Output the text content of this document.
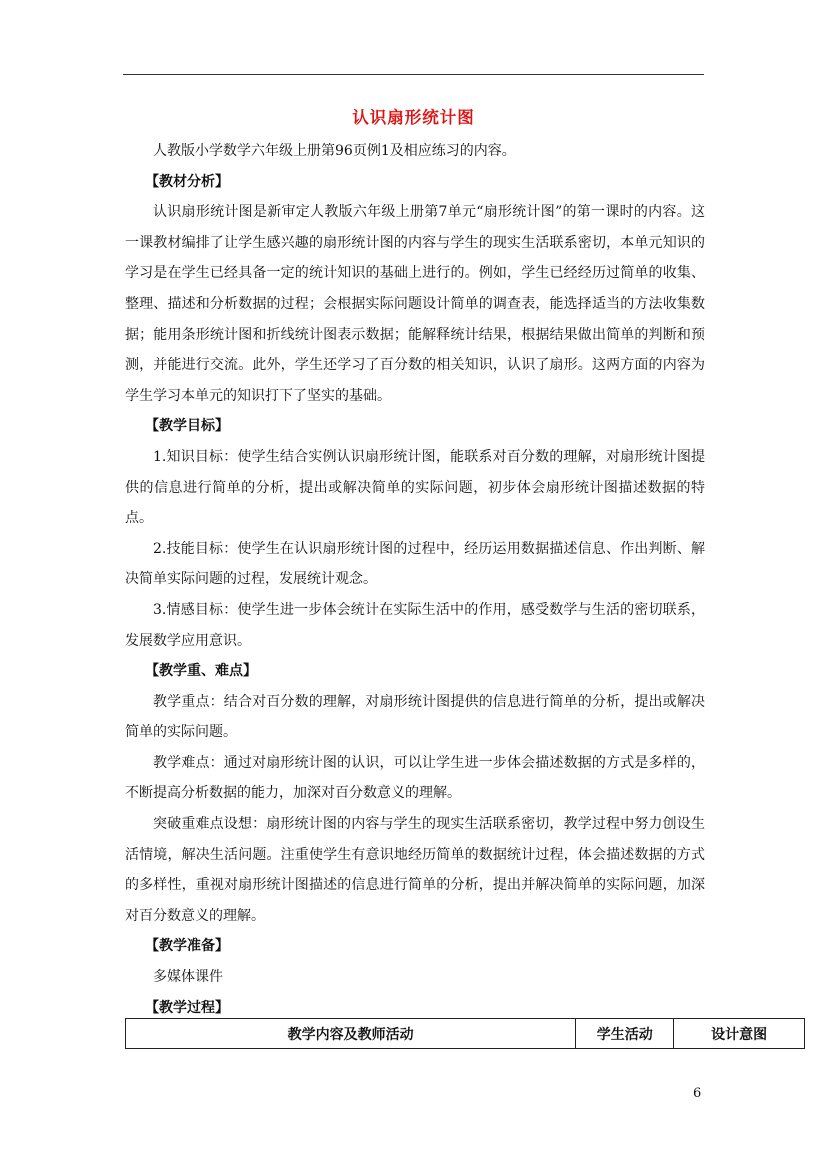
认识扇形统计图

人教版小学数学六年级上册第96页例1及相应练习的内容。

【教材分析】

认识扇形统计图是新审定人教版六年级上册第7单元“扇形统计图”的第一课时的内容。这一课教材编排了让学生感兴趣的扇形统计图的内容与学生的现实生活联系密切，本单元知识的学习是在学生已经具备一定的统计知识的基础上进行的。例如，学生已经经历过简单的收集、整理、描述和分析数据的过程；会根据实际问题设计简单的调查表，能选择适当的方法收集数据；能用条形统计图和折线统计图表示数据；能解释统计结果，根据结果做出简单的判断和预测，并能进行交流。此外，学生还学习了百分数的相关知识，认识了扇形。这两方面的内容为学生学习本单元的知识打下了坚实的基础。

【教学目标】

1.知识目标：使学生结合实例认识扇形统计图，能联系对百分数的理解，对扇形统计图提供的信息进行简单的分析，提出或解决简单的实际问题，初步体会扇形统计图描述数据的特点。

2.技能目标：使学生在认识扇形统计图的过程中，经历运用数据描述信息、作出判断、解决简单实际问题的过程，发展统计观念。

3.情感目标：使学生进一步体会统计在实际生活中的作用，感受数学与生活的密切联系，发展数学应用意识。

【教学重、难点】

教学重点：结合对百分数的理解，对扇形统计图提供的信息进行简单的分析，提出或解决简单的实际问题。

教学难点：通过对扇形统计图的认识，可以让学生进一步体会描述数据的方式是多样的，不断提高分析数据的能力，加深对百分数意义的理解。

突破重难点设想：扇形统计图的内容与学生的现实生活联系密切，教学过程中努力创设生活情境，解决生活问题。注重使学生有意识地经历简单的数据统计过程，体会描述数据的方式的多样性，重视对扇形统计图描述的信息进行简单的分析，提出并解决简单的实际问题，加深对百分数意义的理解。

【教学准备】

多媒体课件

【教学过程】

教学内容及教师活动	学生活动	设计意图
6
